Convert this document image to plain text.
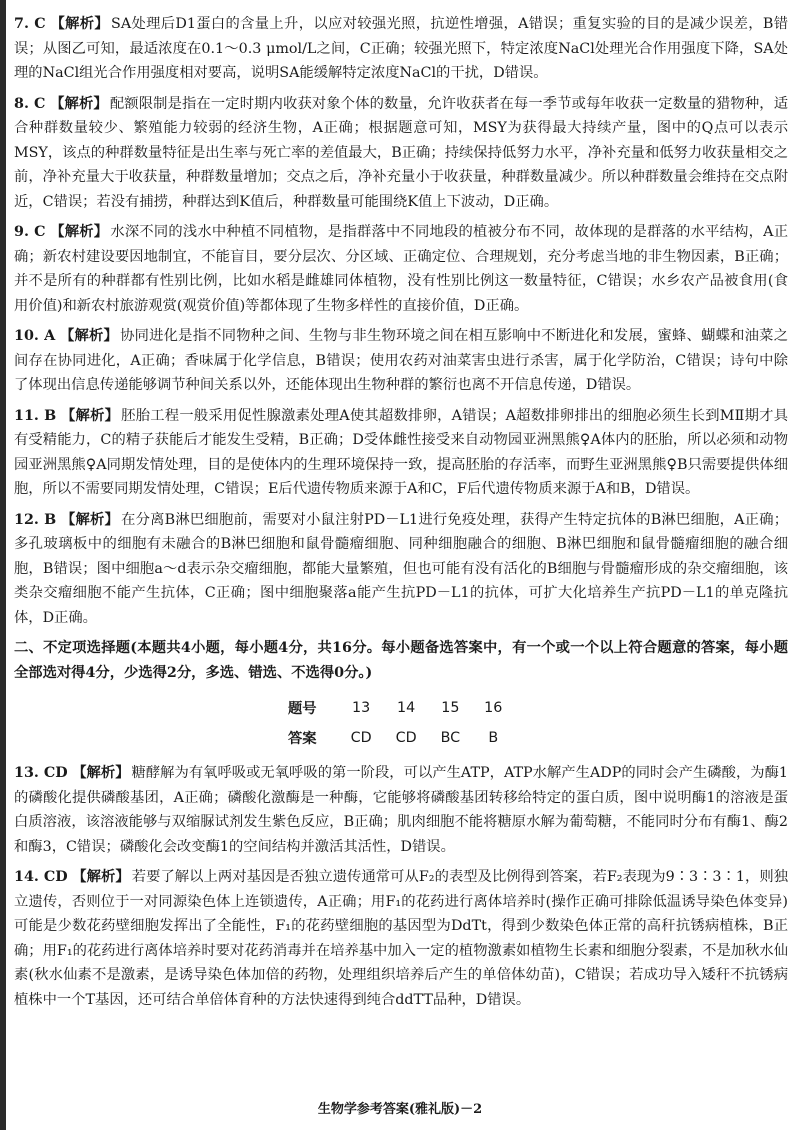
7. C 【解析】 SA处理后D1蛋白的含量上升，以应对较强光照，抗逆性增强，A错误；重复实验的目的是减少误差，B错误；从图乙可知，最适浓度在0.1～0.3 μmol/L之间，C正确；较强光照下，特定浓度NaCl处理光合作用强度下降，SA处理的NaCl组光合作用强度相对要高，说明SA能缓解特定浓度NaCl的干扰，D错误。

8. C 【解析】 配额限制是指在一定时期内收获对象个体的数量，允许收获者在每一季节或每年收获一定数量的猎物种，适合种群数量较少、繁殖能力较弱的经济生物，A正确；根据题意可知，MSY为获得最大持续产量，图中的Q点可以表示MSY，该点的种群数量特征是出生率与死亡率的差值最大，B正确；持续保持低努力水平，净补充量和低努力收获量相交之前，净补充量大于收获量，种群数量增加；交点之后，净补充量小于收获量，种群数量减少。所以种群数量会维持在交点附近，C错误；若没有捕捞，种群达到K值后，种群数量可能围绕K值上下波动，D正确。

9. C 【解析】 水深不同的浅水中种植不同植物，是指群落中不同地段的植被分布不同，故体现的是群落的水平结构，A正确；新农村建设要因地制宜，不能盲目，要分层次、分区域、正确定位、合理规划，充分考虑当地的非生物因素，B正确；并不是所有的种群都有性别比例，比如水稻是雌雄同体植物，没有性别比例这一数量特征，C错误；水乡农产品被食用(食用价值)和新农村旅游观赏(观赏价值)等都体现了生物多样性的直接价值，D正确。

10. A 【解析】 协同进化是指不同物种之间、生物与非生物环境之间在相互影响中不断进化和发展，蜜蜂、蝴蝶和油菜之间存在协同进化，A正确；香味属于化学信息，B错误；使用农药对油菜害虫进行杀害，属于化学防治，C错误；诗句中除了体现出信息传递能够调节种间关系以外，还能体现出生物种群的繁衍也离不开信息传递，D错误。

11. B 【解析】 胚胎工程一般采用促性腺激素处理A使其超数排卵，A错误；A超数排卵排出的细胞必须生长到MⅡ期才具有受精能力，C的精子获能后才能发生受精，B正确；D受体雌性接受来自动物园亚洲黑熊♀A体内的胚胎，所以必须和动物园亚洲黑熊♀A同期发情处理，目的是使体内的生理环境保持一致，提高胚胎的存活率，而野生亚洲黑熊♀B只需要提供体细胞，所以不需要同期发情处理，C错误；E后代遗传物质来源于A和C，F后代遗传物质来源于A和B，D错误。

12. B 【解析】 在分离B淋巴细胞前，需要对小鼠注射PD－L1进行免疫处理，获得产生特定抗体的B淋巴细胞，A正确；多孔玻璃板中的细胞有未融合的B淋巴细胞和鼠骨髓瘤细胞、同种细胞融合的细胞、B淋巴细胞和鼠骨髓瘤细胞的融合细胞，B错误；图中细胞a～d表示杂交瘤细胞，都能大量繁殖，但也可能有没有活化的B细胞与骨髓瘤形成的杂交瘤细胞，该类杂交瘤细胞不能产生抗体，C正确；图中细胞聚落a能产生抗PD－L1的抗体，可扩大化培养生产抗PD－L1的单克隆抗体，D正确。

二、不定项选择题(本题共4小题，每小题4分，共16分。每小题备选答案中，有一个或一个以上符合题意的答案，每小题全部选对得4分，少选得2分，多选、错选、不选得0分。)

题号	13	14	15	16
答案	CD	CD	BC	B

13. CD 【解析】 糖酵解为有氧呼吸或无氧呼吸的第一阶段，可以产生ATP，ATP水解产生ADP的同时会产生磷酸，为酶1的磷酸化提供磷酸基团，A正确；磷酸化激酶是一种酶，它能够将磷酸基团转移给特定的蛋白质，图中说明酶1的溶液是蛋白质溶液，该溶液能够与双缩脲试剂发生紫色反应，B正确；肌肉细胞不能将糖原水解为葡萄糖，不能同时分布有酶1、酶2和酶3，C错误；磷酸化会改变酶1的空间结构并激活其活性，D错误。

14. CD 【解析】 若要了解以上两对基因是否独立遗传通常可从F₂的表型及比例得到答案，若F₂表现为9∶3∶3∶1，则独立遗传，否则位于一对同源染色体上连锁遗传，A正确；用F₁的花药进行离体培养时(操作正确可排除低温诱导染色体变异)可能是少数花药壁细胞发挥出了全能性，F₁的花药壁细胞的基因型为DdTt，得到少数染色体正常的高秆抗锈病植株，B正确；用F₁的花药进行离体培养时要对花药消毒并在培养基中加入一定的植物激素如植物生长素和细胞分裂素，不是加秋水仙素(秋水仙素不是激素，是诱导染色体加倍的药物，处理组织培养后产生的单倍体幼苗)，C错误；若成功导入矮秆不抗锈病植株中一个T基因，还可结合单倍体育种的方法快速得到纯合ddTT品种，D错误。

生物学参考答案(雅礼版)－2
